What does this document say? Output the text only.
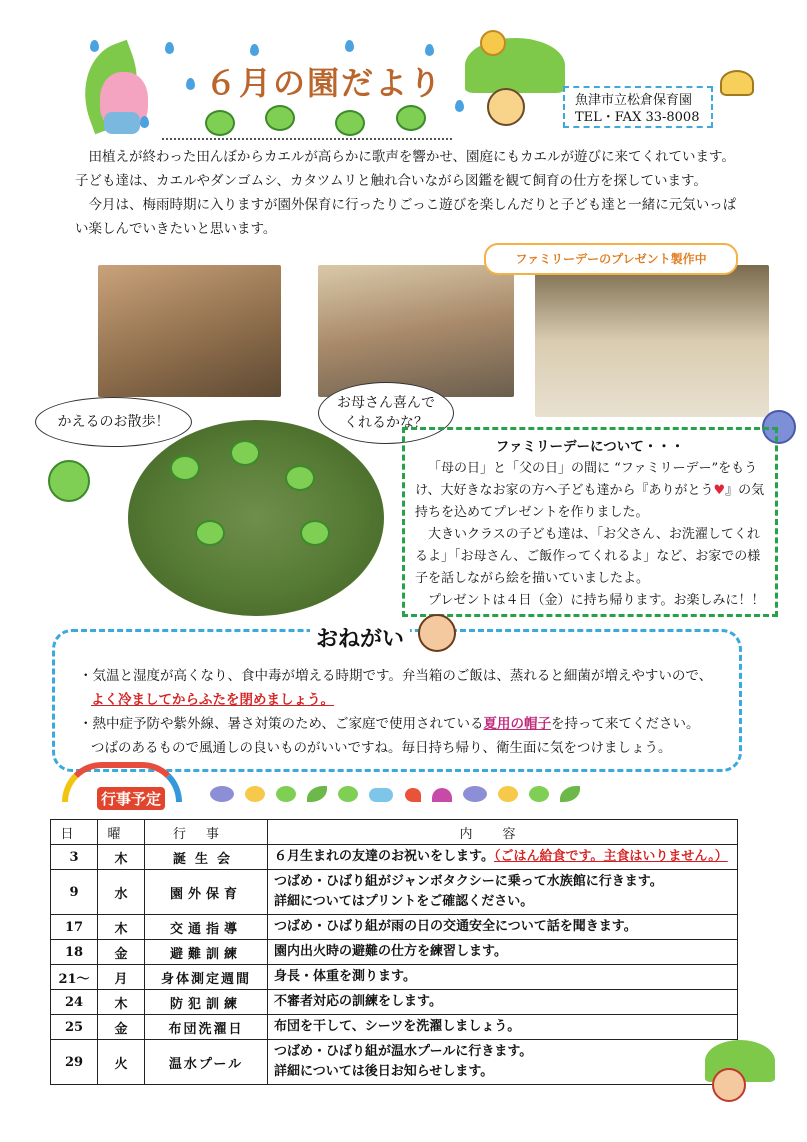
６月の園だより	魚津市立松倉保育園
TEL・FAX 33-8008

田植えが終わった田んぼからカエルが高らかに歌声を響かせ、園庭にもカエルが遊びに来てくれています。子ども達は、カエルやダンゴムシ、カタツムリと触れ合いながら図鑑を観て飼育の仕方を探しています。

今月は、梅雨時期に入りますが園外保育に行ったりごっこ遊びを楽しんだりと子ども達と一緒に元気いっぱい楽しんでいきたいと思います。

ファミリーデーのプレゼント製作中
かえるのお散歩！
お母さん喜んで
くれるかな？
ファミリーデーについて・・・

「母の日」と「父の日」の間に “ファミリーデー”をもうけ、大好きなお家の方へ子ども達から『ありがとう♥』の気持ちを込めてプレゼントを作りました。

大きいクラスの子ども達は、「お父さん、お洗濯してくれるよ」「お母さん、ご飯作ってくれるよ」など、お家での様子を話しながら絵を描いていましたよ。

プレゼントは４日（金）に持ち帰ります。お楽しみに！！

・気温と湿度が高くなり、食中毒が増える時期です。弁当箱のご飯は、蒸れると細菌が増えやすいので、
よく冷ましてからふたを閉めましょう。
・熱中症予防や紫外線、暑さ対策のため、ご家庭で使用されている夏用の帽子を持って来てください。
つばのあるもので風通しの良いものがいいですね。毎日持ち帰り、衛生面に気をつけましょう。
おねがい
行事予定

日	曜	行事	内容
3	木	誕生会	６月生まれの友達のお祝いをします。（ごはん給食です。主食はいりません。）
9	水	園外保育	つばめ・ひばり組がジャンボタクシーに乗って水族館に行きます。
詳細についてはプリントをご確認ください。

17	木	交通指導	つばめ・ひばり組が雨の日の交通安全について話を聞きます。
18	金	避難訓練	園内出火時の避難の仕方を練習します。
21～	月	身体測定週間	身長・体重を測ります。
24	木	防犯訓練	不審者対応の訓練をします。
25	金	布団洗濯日	布団を干して、シーツを洗濯しましょう。
29	火	温水プール	つばめ・ひばり組が温水プールに行きます。
詳細については後日お知らせします。
